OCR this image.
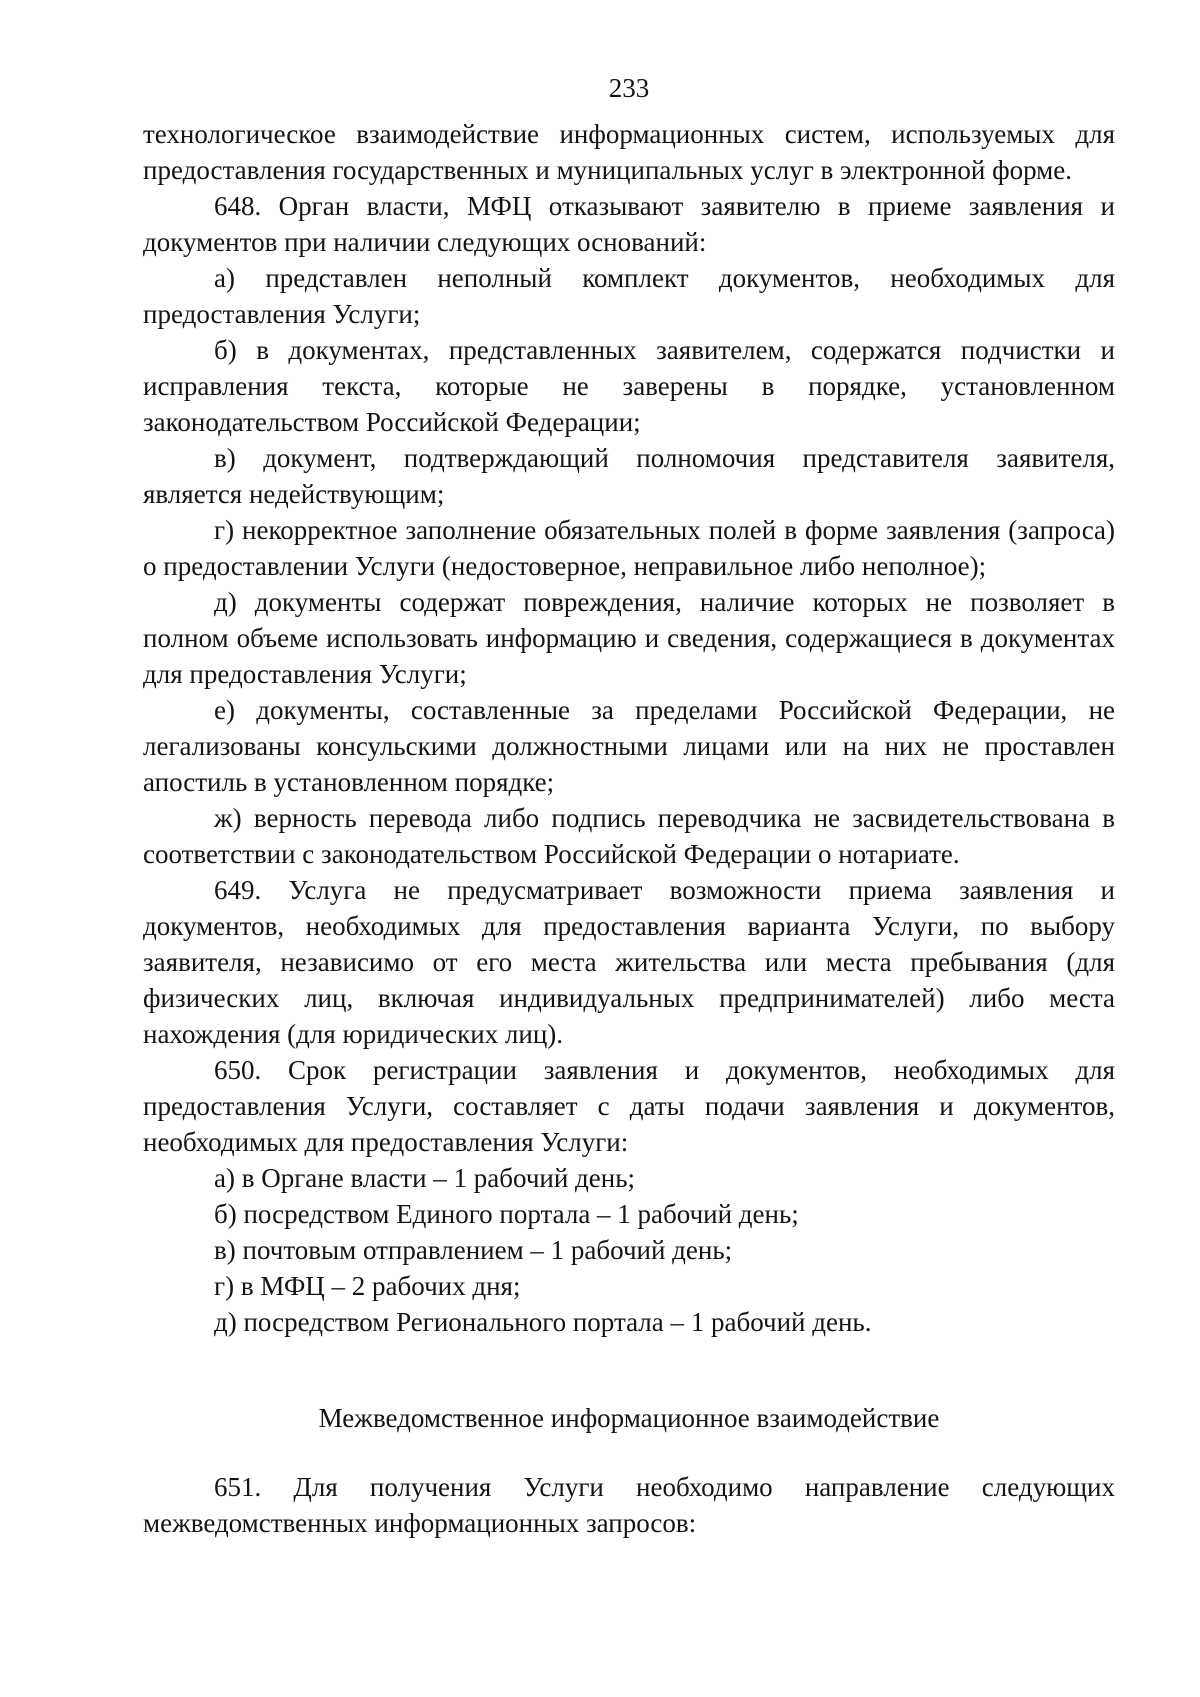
233

технологическое взаимодействие информационных систем, используемых для предоставления государственных и муниципальных услуг в электронной форме.

648. Орган власти, МФЦ отказывают заявителю в приеме заявления и документов при наличии следующих оснований:

а) представлен неполный комплект документов, необходимых для предоставления Услуги;

б) в документах, представленных заявителем, содержатся подчистки и исправления текста, которые не заверены в порядке, установленном законодательством Российской Федерации;

в) документ, подтверждающий полномочия представителя заявителя, является недействующим;

г) некорректное заполнение обязательных полей в форме заявления (запроса) о предоставлении Услуги (недостоверное, неправильное либо неполное);

д) документы содержат повреждения, наличие которых не позволяет в полном объеме использовать информацию и сведения, содержащиеся в документах для предоставления Услуги;

е) документы, составленные за пределами Российской Федерации, не легализованы консульскими должностными лицами или на них не проставлен апостиль в установленном порядке;

ж) верность перевода либо подпись переводчика не засвидетельствована в соответствии с законодательством Российской Федерации о нотариате.

649. Услуга не предусматривает возможности приема заявления и документов, необходимых для предоставления варианта Услуги, по выбору заявителя, независимо от его места жительства или места пребывания (для физических лиц, включая индивидуальных предпринимателей) либо места нахождения (для юридических лиц).

650. Срок регистрации заявления и документов, необходимых для предоставления Услуги, составляет с даты подачи заявления и документов, необходимых для предоставления Услуги:

а) в Органе власти – 1 рабочий день;

б) посредством Единого портала – 1 рабочий день;

в) почтовым отправлением – 1 рабочий день;

г) в МФЦ – 2 рабочих дня;

д) посредством Регионального портала – 1 рабочий день.

Межведомственное информационное взаимодействие

651. Для получения Услуги необходимо направление следующих межведомственных информационных запросов:
